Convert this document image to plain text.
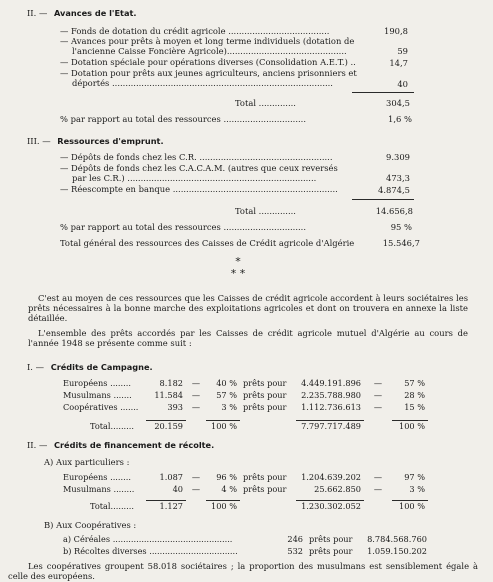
II. — Avances de l'Etat.
— Fonds de dotation du crédit agricole ......................................	190,8
— Avances pour prêts à moyen et long terme individuels (dotation de
l'ancienne Caisse Foncière Agricole).............................................	59
— Dotation spéciale pour opérations diverses (Consolidation A.E.T.) ..	14,7
— Dotation pour prêts aux jeunes agriculteurs, anciens prisonniers et
déportés ...................................................................................	40
Total ..............	304,5
% par rapport au total des ressources ...............................	1,6 %
III. — Ressources d'emprunt.
— Dépôts de fonds chez les C.R. ..................................................	9.309
— Dépôts de fonds chez les C.A.C.A.M. (autres que ceux reversés
par les C.R.) .......................................................................	473,3
— Réescompte en banque ..............................................................	4.874,5
Total ..............	14.656,8
% par rapport au total des ressources ...............................	95 %
Total général des ressources des Caisses de Crédit agricole d'Algérie	15.546,7
*
* *
C'est au moyen de ces ressources que les Caisses de crédit agricole accordent à leurs sociétaires les prêts nécessaires à la bonne marche des exploitations agricoles et dont on trouvera en annexe la liste détaillée.
L'ensemble des prêts accordés par les Caisses de crédit agricole mutuel d'Algérie au cours de l'année 1948 se présente comme suit :
I. — Crédits de Campagne.
Européens ........	8.182	—	40 %	prêts pour	4.449.191.896	—	57 %
Musulmans .......	11.584	—	57 %	prêts pour	2.235.788.980	—	28 %
Coopératives .......	393	—	3 %	prêts pour	1.112.736.613	—	15 %

Total.........	20.159		100 %		7.797.717.489		100 %
II. — Crédits de financement de récolte.
A) Aux particuliers :
Européens ........	1.087	—	96 %	prêts pour	1.204.639.202	—	97 %
Musulmans ........	40	—	4 %	prêts pour	25.662.850	—	3 %

Total.........	1.127		100 %		1.230.302.052		100 %
B) Aux Coopératives :
a) Céréales ..............................................	246	prêts pour	8.784.568.760
b) Récoltes diverses ..................................	532	prêts pour	1.059.150.202
Les coopératives groupent 58.018 sociétaires ; la proportion des musulmans est sensiblement égale à celle des européens.
